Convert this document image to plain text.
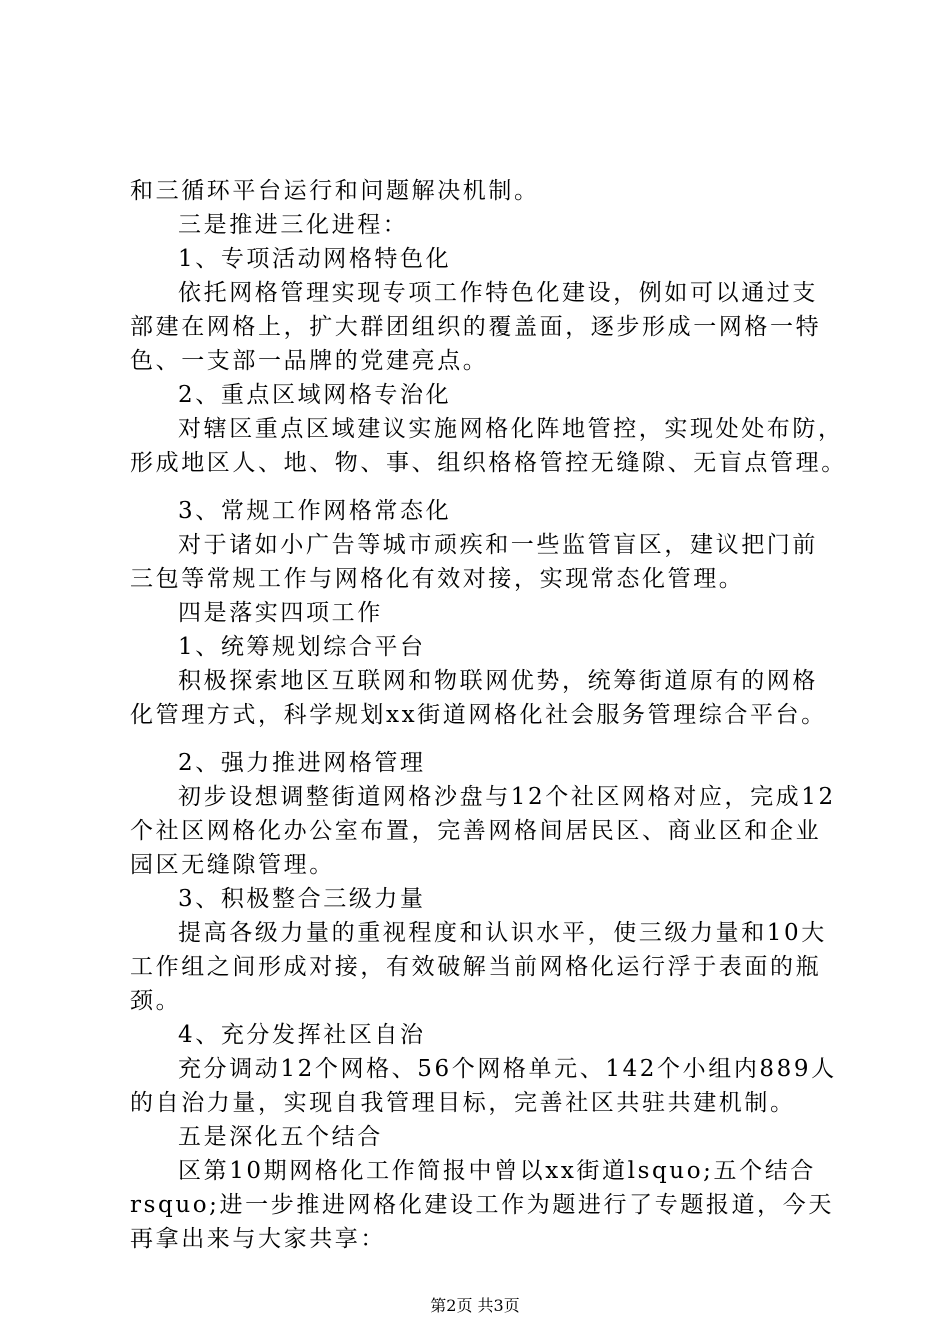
和三循环平台运行和问题解决机制。
三是推进三化进程：
1、专项活动网格特色化
依托网格管理实现专项工作特色化建设，例如可以通过支
部建在网格上，扩大群团组织的覆盖面，逐步形成一网格一特
色、一支部一品牌的党建亮点。
2、重点区域网格专治化
对辖区重点区域建议实施网格化阵地管控，实现处处布防，
形成地区人、地、物、事、组织格格管控无缝隙、无盲点管理。
3、常规工作网格常态化
对于诸如小广告等城市顽疾和一些监管盲区，建议把门前
三包等常规工作与网格化有效对接，实现常态化管理。
四是落实四项工作
1、统筹规划综合平台
积极探索地区互联网和物联网优势，统筹街道原有的网格
化管理方式，科学规划xx街道网格化社会服务管理综合平台。
2、强力推进网格管理
初步设想调整街道网格沙盘与12个社区网格对应，完成12
个社区网格化办公室布置，完善网格间居民区、商业区和企业
园区无缝隙管理。
3、积极整合三级力量
提高各级力量的重视程度和认识水平，使三级力量和10大
工作组之间形成对接，有效破解当前网格化运行浮于表面的瓶
颈。
4、充分发挥社区自治
充分调动12个网格、56个网格单元、142个小组内889人
的自治力量，实现自我管理目标，完善社区共驻共建机制。
五是深化五个结合
区第10期网格化工作简报中曾以xx街道lsquo;五个结合
rsquo;进一步推进网格化建设工作为题进行了专题报道，今天
再拿出来与大家共享：
第2页 共3页
